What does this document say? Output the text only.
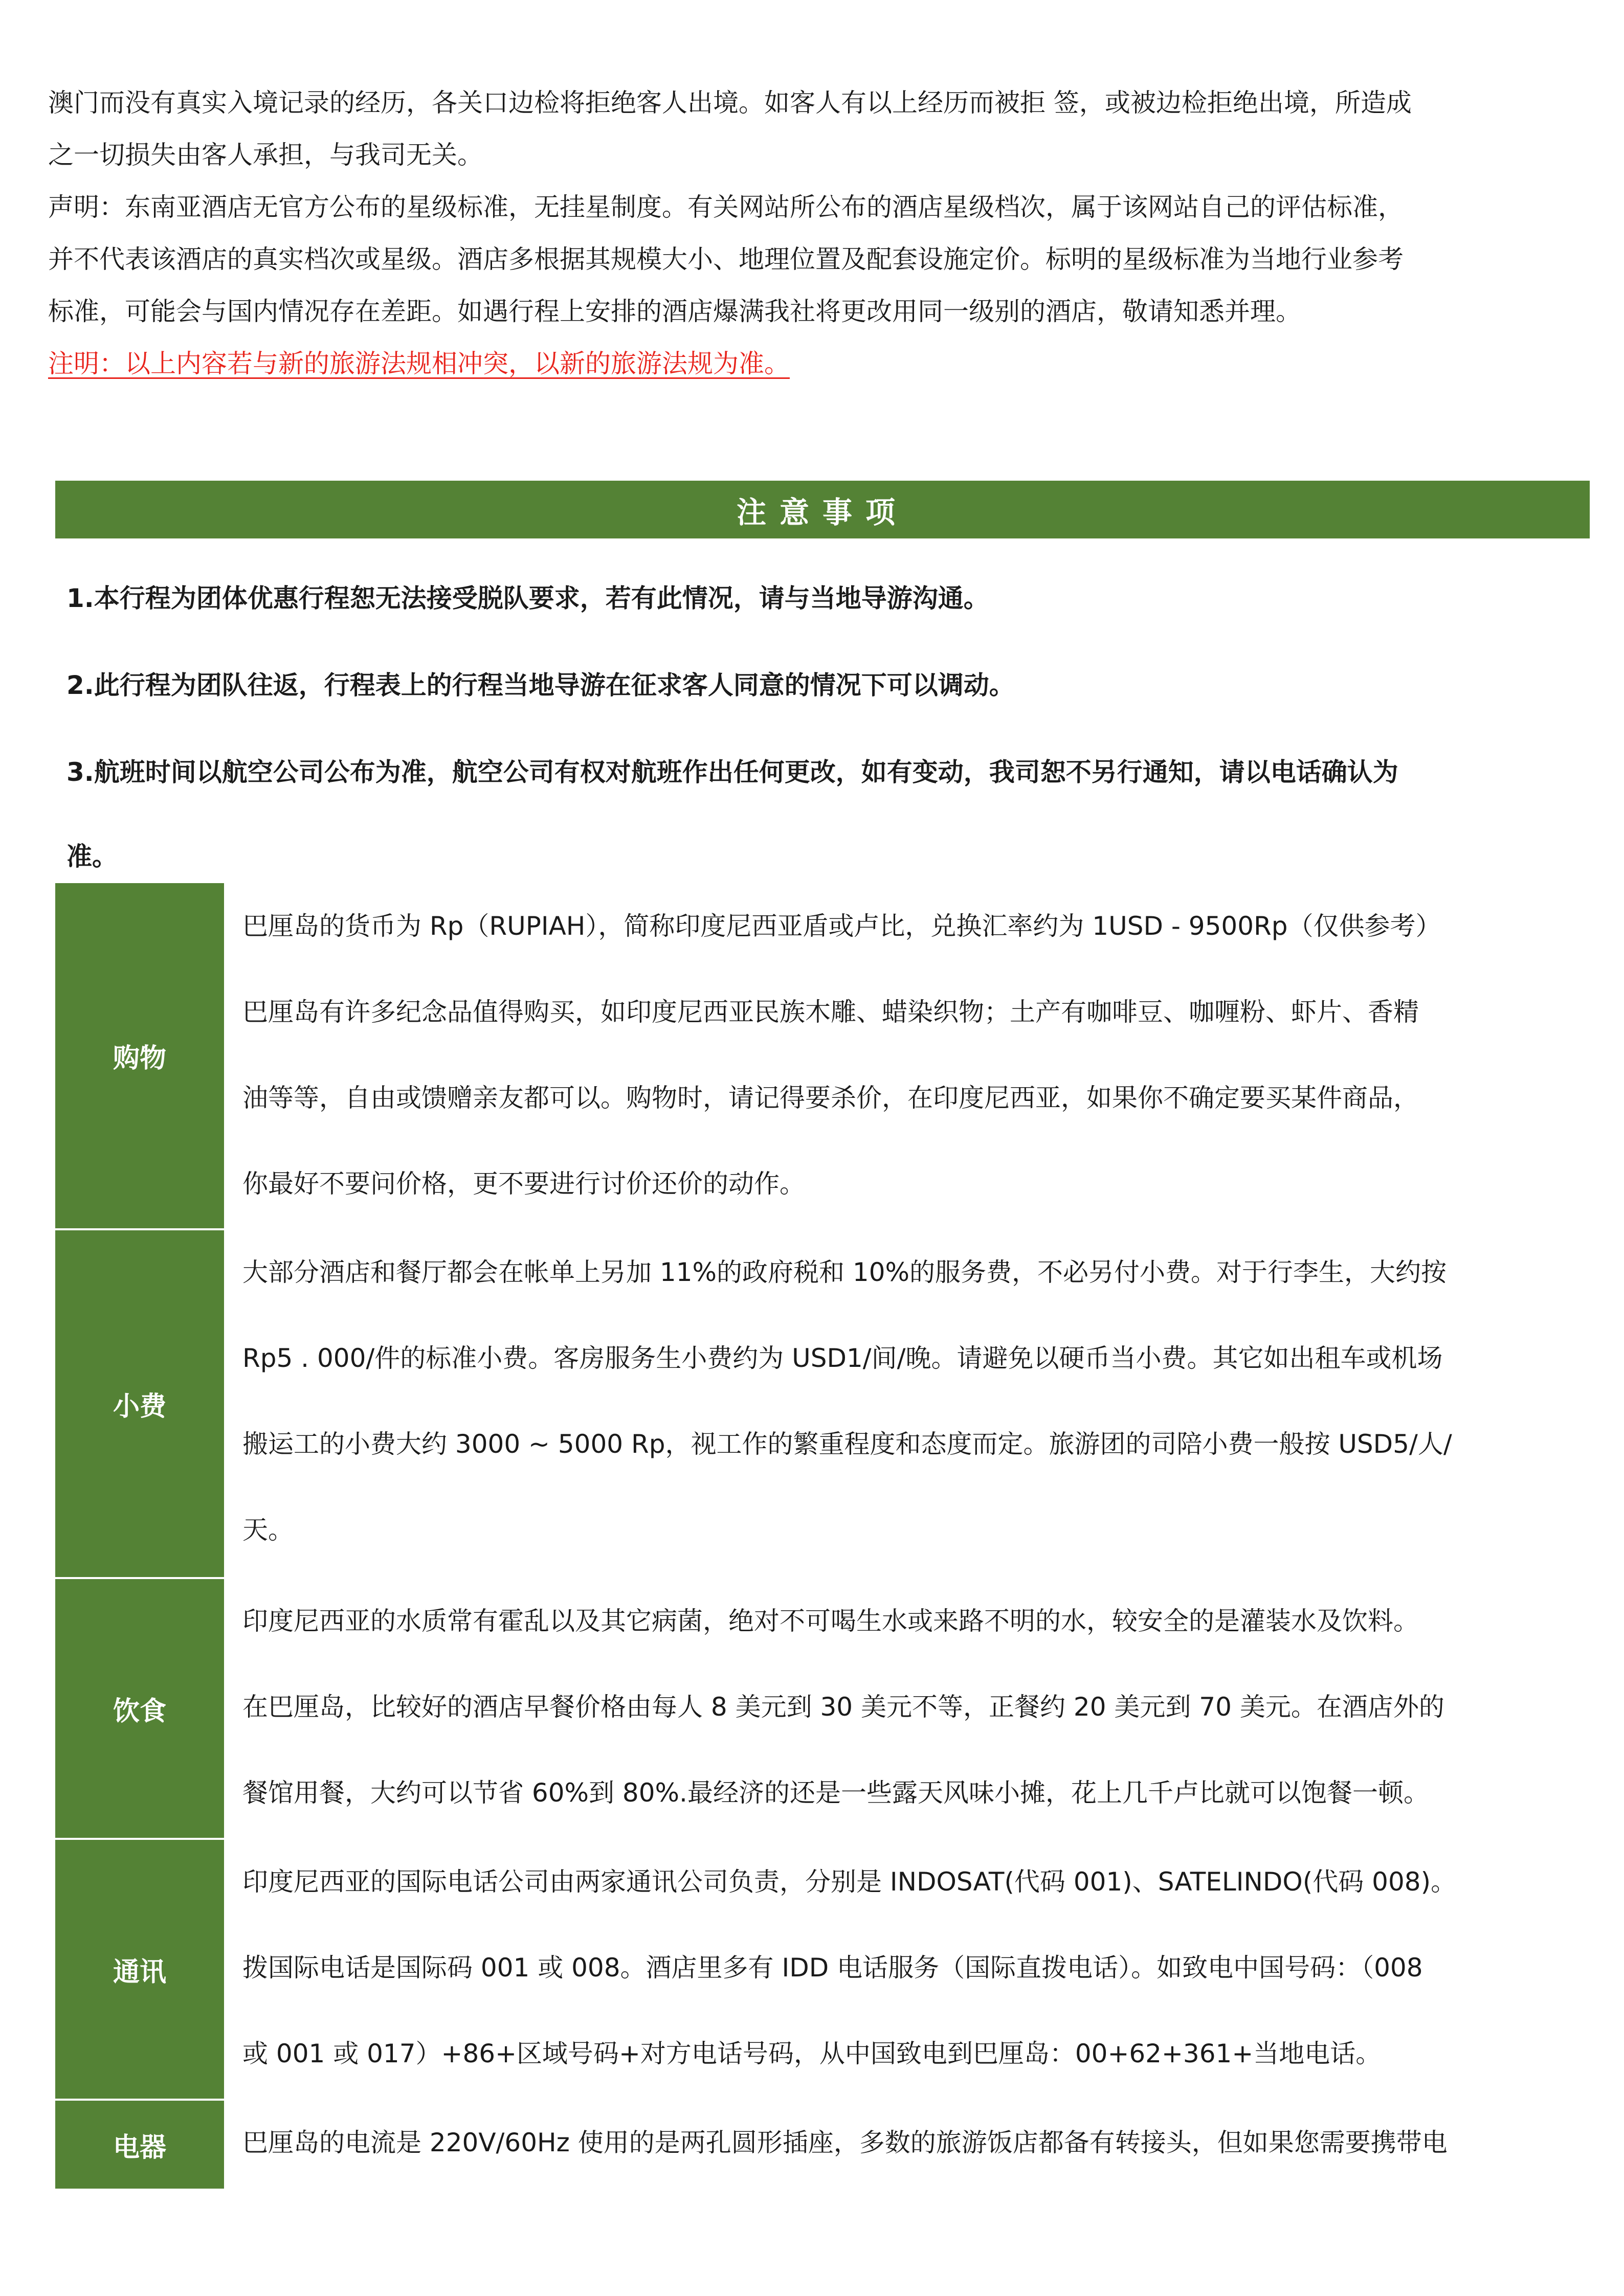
澳门而没有真实入境记录的经历，各关口边检将拒绝客人出境。如客人有以上经历而被拒 签，或被边检拒绝出境，所造成

之一切损失由客人承担，与我司无关。

声明：东南亚酒店无官方公布的星级标准，无挂星制度。有关网站所公布的酒店星级档次，属于该网站自己的评估标准，

并不代表该酒店的真实档次或星级。酒店多根据其规模大小、地理位置及配套设施定价。标明的星级标准为当地行业参考

标准，可能会与国内情况存在差距。如遇行程上安排的酒店爆满我社将更改用同一级别的酒店，敬请知悉并理。

注明：以上内容若与新的旅游法规相冲突，以新的旅游法规为准。

注意事项

1.本行程为团体优惠行程恕无法接受脱队要求，若有此情况，请与当地导游沟通。

2.此行程为团队往返，行程表上的行程当地导游在征求客人同意的情况下可以调动。

3.航班时间以航空公司公布为准，航空公司有权对航班作出任何更改，如有变动，我司恕不另行通知，请以电话确认为

准。

购物	巴厘岛的货币为 Rp（RUPIAH），简称印度尼西亚盾或卢比，兑换汇率约为 1USD - 9500Rp（仅供参考）

巴厘岛有许多纪念品值得购买，如印度尼西亚民族木雕、蜡染织物；土产有咖啡豆、咖喱粉、虾片、香精

油等等，自由或馈赠亲友都可以。购物时，请记得要杀价，在印度尼西亚，如果你不确定要买某件商品，

你最好不要问价格，更不要进行讨价还价的动作。

小费	大部分酒店和餐厅都会在帐单上另加 11%的政府税和 10%的服务费，不必另付小费。对于行李生，大约按

Rp5 . 000/件的标准小费。客房服务生小费约为 USD1/间/晚。请避免以硬币当小费。其它如出租车或机场

搬运工的小费大约 3000 ~ 5000 Rp，视工作的繁重程度和态度而定。旅游团的司陪小费一般按 USD5/人/

天。

饮食	印度尼西亚的水质常有霍乱以及其它病菌，绝对不可喝生水或来路不明的水，较安全的是灌装水及饮料。

在巴厘岛，比较好的酒店早餐价格由每人 8 美元到 30 美元不等，正餐约 20 美元到 70 美元。在酒店外的

餐馆用餐，大约可以节省 60%到 80%.最经济的还是一些露天风味小摊，花上几千卢比就可以饱餐一顿。

通讯	印度尼西亚的国际电话公司由两家通讯公司负责，分别是 INDOSAT(代码 001)、SATELINDO(代码 008)。

拨国际电话是国际码 001 或 008。酒店里多有 IDD 电话服务（国际直拨电话）。如致电中国号码：（008

或 001 或 017）+86+区域号码+对方电话号码，从中国致电到巴厘岛：00+62+361+当地电话。

电器	巴厘岛的电流是 220V/60Hz 使用的是两孔圆形插座，多数的旅游饭店都备有转接头，但如果您需要携带电
